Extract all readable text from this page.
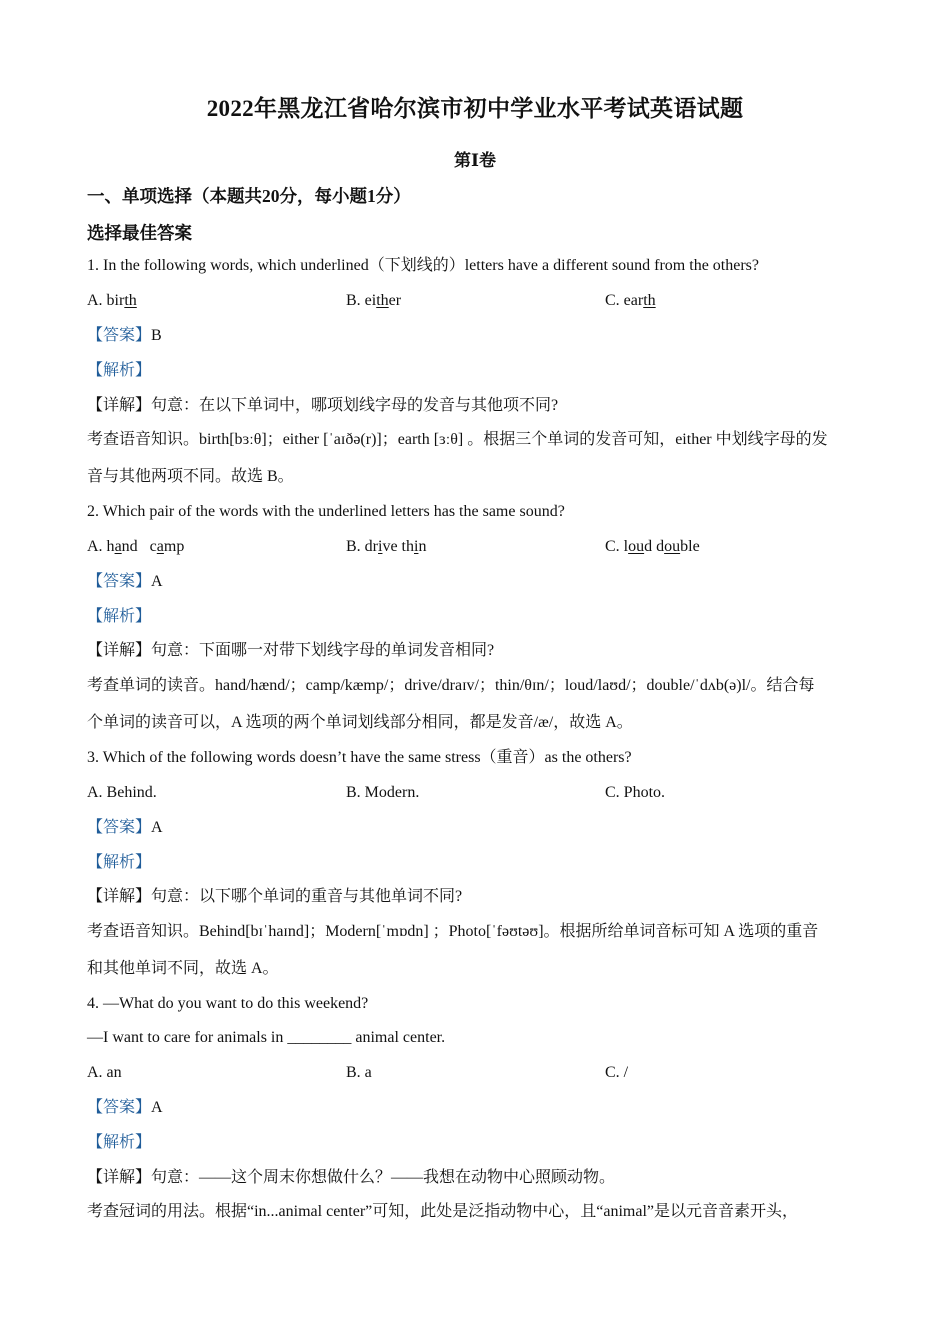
2022年黑龙江省哈尔滨市初中学业水平考试英语试题
第Ⅰ卷
一、单项选择（本题共20分，每小题1分）
选择最佳答案
1. In the following words, which underlined（下划线的）letters have a different sound from the others?
A. birth	B. either	C. earth
【答案】B
【解析】
【详解】句意：在以下单词中，哪项划线字母的发音与其他项不同?
考查语音知识。birth[bɜːθ]；either [ˈaɪðə(r)]；earth [ɜːθ] 。根据三个单词的发音可知，either 中划线字母的发
音与其他两项不同。故选 B。
2. Which pair of the words with the underlined letters has the same sound?
A. hand   camp	B. drive thin	C. loud double
【答案】A
【解析】
【详解】句意：下面哪一对带下划线字母的单词发音相同?
考查单词的读音。hand/hænd/；camp/kæmp/；drive/draɪv/；thin/θɪn/；loud/laʊd/；double/ˈdʌb(ə)l/。结合每
个单词的读音可以，A 选项的两个单词划线部分相同，都是发音/æ/，故选 A。
3. Which of the following words doesn’t have the same stress（重音）as the others?
A. Behind.	B. Modern.	C. Photo.
【答案】A
【解析】
【详解】句意：以下哪个单词的重音与其他单词不同?
考查语音知识。Behind[bɪˈhaɪnd]；Modern[ˈmɒdn] ；Photo[ˈfəʊtəʊ]。根据所给单词音标可知 A 选项的重音
和其他单词不同，故选 A。
4. —What do you want to do this weekend?
—I want to care for animals in ________ animal center.
A. an	B. a	C. /
【答案】A
【解析】
【详解】句意：——这个周末你想做什么？——我想在动物中心照顾动物。
考查冠词的用法。根据“in...animal center”可知，此处是泛指动物中心，且“animal”是以元音音素开头，
